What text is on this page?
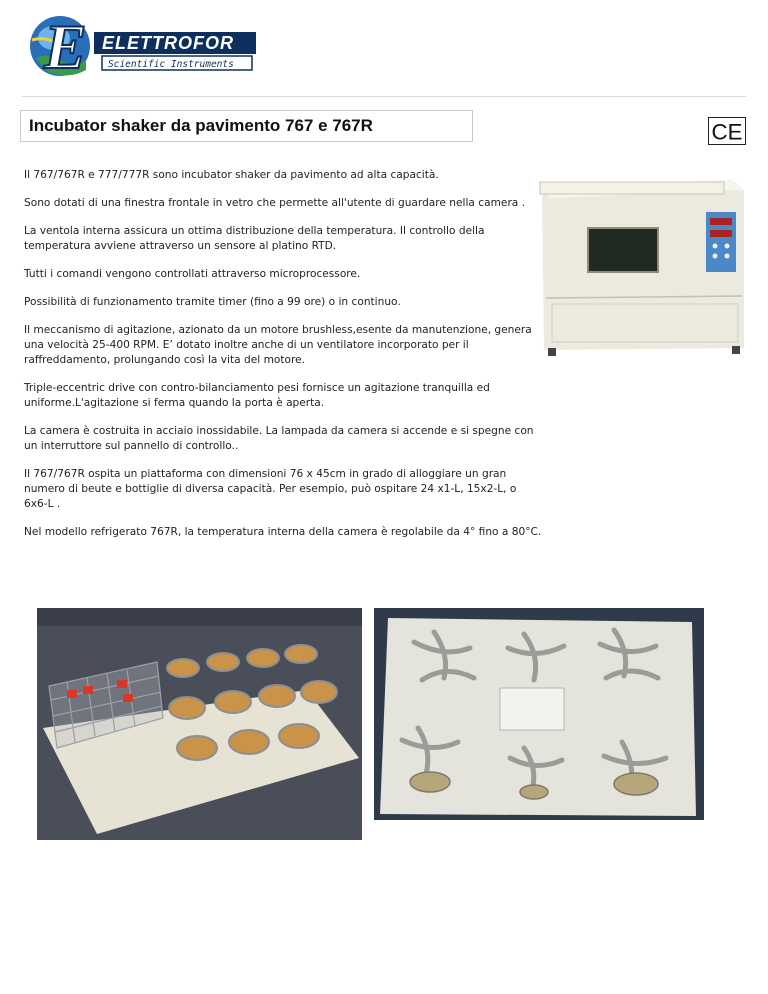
E ELETTROFOR
Scientific Instruments
Incubator shaker da pavimento 767 e 767R	CE

Il 767/767R e 777/777R sono incubator shaker da pavimento ad alta capacità.

Sono dotati di una finestra frontale in vetro che permette all'utente di guardare nella camera .

La ventola interna assicura un ottima distribuzione della temperatura. Il controllo della temperatura avviene attraverso un sensore al platino RTD.

Tutti i comandi vengono controllati attraverso microprocessore.

Possibilità di funzionamento tramite timer (fino a 99 ore) o in continuo.

Il meccanismo di agitazione, azionato da un motore brushless,esente da manutenzione, genera una velocità 25-400 RPM. E’ dotato inoltre anche di un ventilatore incorporato per il raffreddamento, prolungando così la vita del motore.

Triple-eccentric drive con contro-bilanciamento pesi fornisce un agitazione tranquilla ed uniforme.L'agitazione si ferma quando la porta è aperta.

La camera è costruita in acciaio inossidabile. La lampada da camera si accende e si spegne con un interruttore sul pannello di controllo..

Il 767/767R ospita un piattaforma con dimensioni 76 x 45cm in grado di alloggiare un gran numero di beute e bottiglie di diversa capacità. Per esempio, può ospitare 24 x1-L, 15x2-L, o 6x6-L .

Nel modello refrigerato 767R, la temperatura interna della camera è regolabile da 4° fino a 80°C.
